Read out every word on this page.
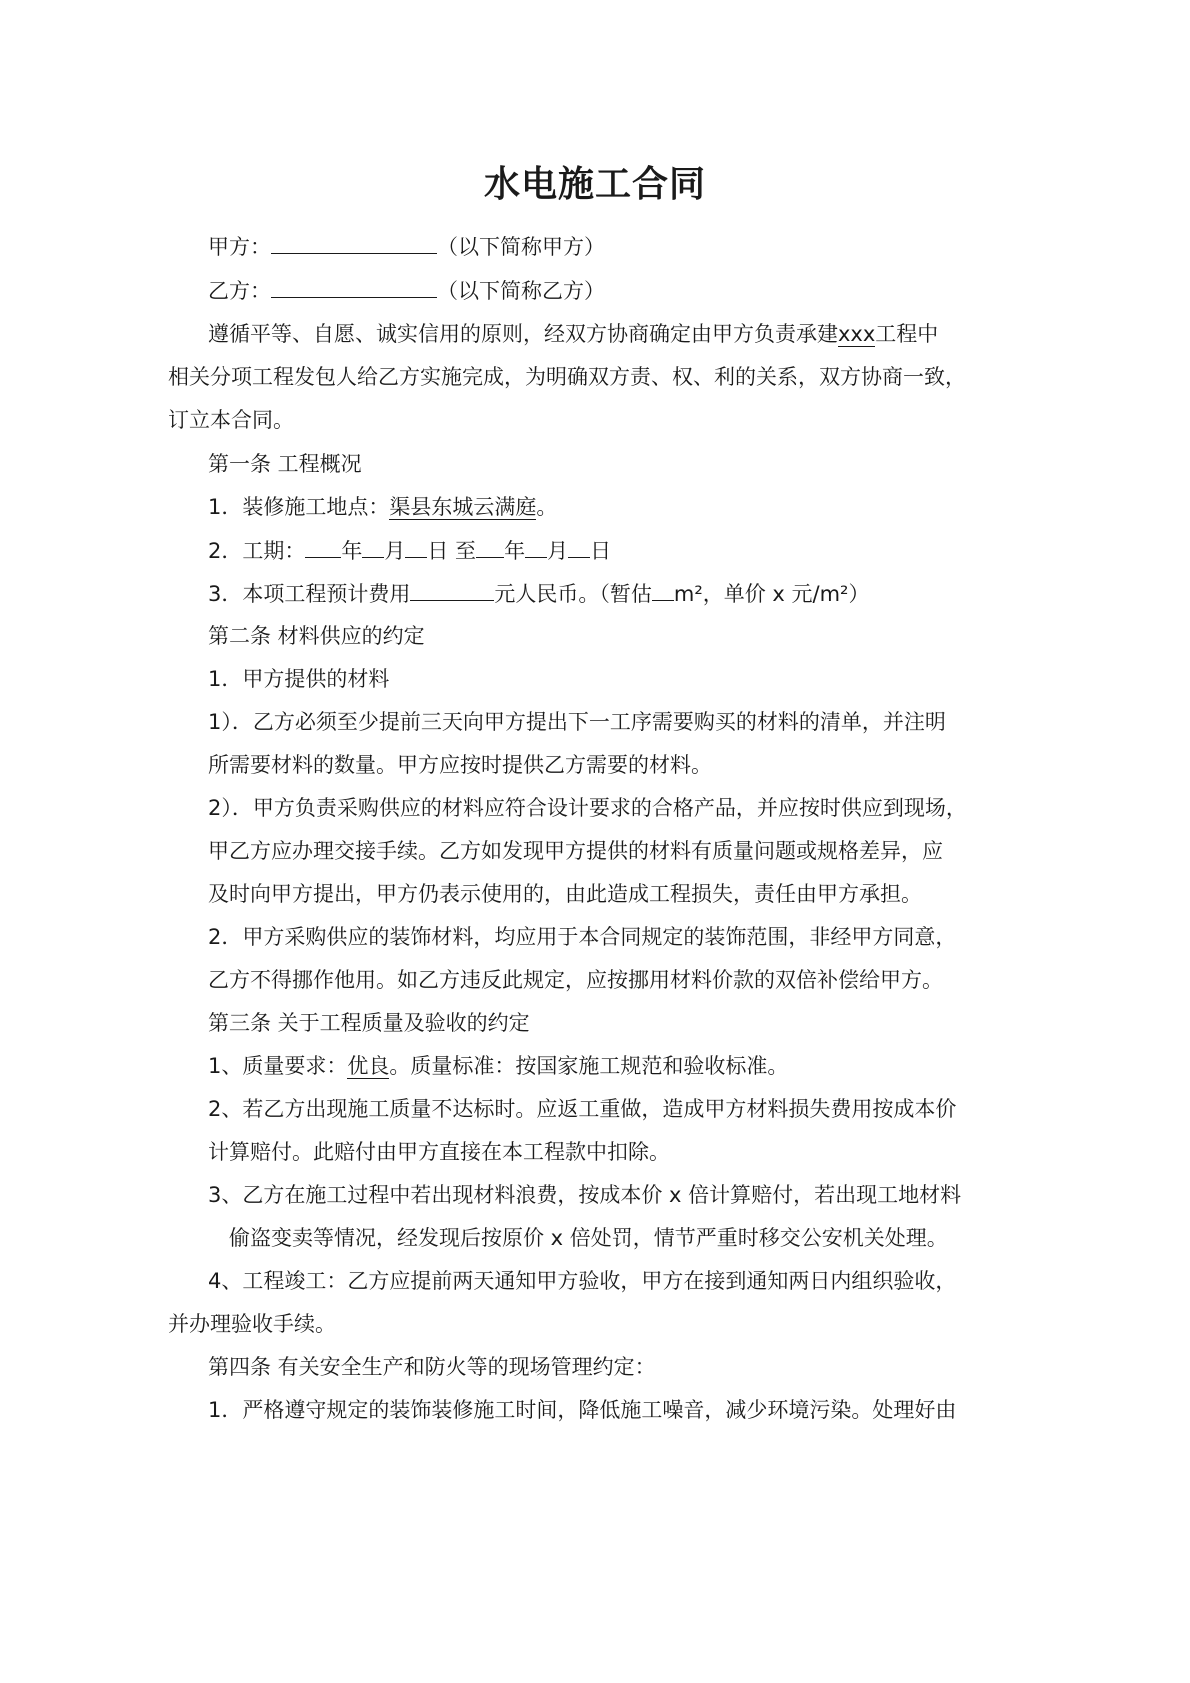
水电施工合同
甲方：	（以下简称甲方）
乙方：	（以下简称乙方）
遵循平等、自愿、诚实信用的原则，经双方协商确定由甲方负责承建xxx工程中
相关分项工程发包人给乙方实施完成，为明确双方责、权、利的关系，双方协商一致，
订立本合同。
第一条 工程概况
1．装修施工地点：渠县东城云满庭。
2．工期： 年 月 日 至 年 月 日
3．本项工程预计费用	元人民币。（暂估 m²，单价 x 元/m²）
第二条 材料供应的约定
1．甲方提供的材料
1）．乙方必须至少提前三天向甲方提出下一工序需要购买的材料的清单，并注明
所需要材料的数量。甲方应按时提供乙方需要的材料。
2）．甲方负责采购供应的材料应符合设计要求的合格产品，并应按时供应到现场，
甲乙方应办理交接手续。乙方如发现甲方提供的材料有质量问题或规格差异，应
及时向甲方提出，甲方仍表示使用的，由此造成工程损失，责任由甲方承担。
2．甲方采购供应的装饰材料，均应用于本合同规定的装饰范围，非经甲方同意，
乙方不得挪作他用。如乙方违反此规定，应按挪用材料价款的双倍补偿给甲方。
第三条 关于工程质量及验收的约定
1、质量要求：优良。质量标准：按国家施工规范和验收标准。
2、若乙方出现施工质量不达标时。应返工重做，造成甲方材料损失费用按成本价
计算赔付。此赔付由甲方直接在本工程款中扣除。
3、乙方在施工过程中若出现材料浪费，按成本价 x 倍计算赔付，若出现工地材料
偷盗变卖等情况，经发现后按原价 x 倍处罚，情节严重时移交公安机关处理。
4、工程竣工：乙方应提前两天通知甲方验收，甲方在接到通知两日内组织验收，
并办理验收手续。
第四条 有关安全生产和防火等的现场管理约定：
1．严格遵守规定的装饰装修施工时间，降低施工噪音，减少环境污染。处理好由
